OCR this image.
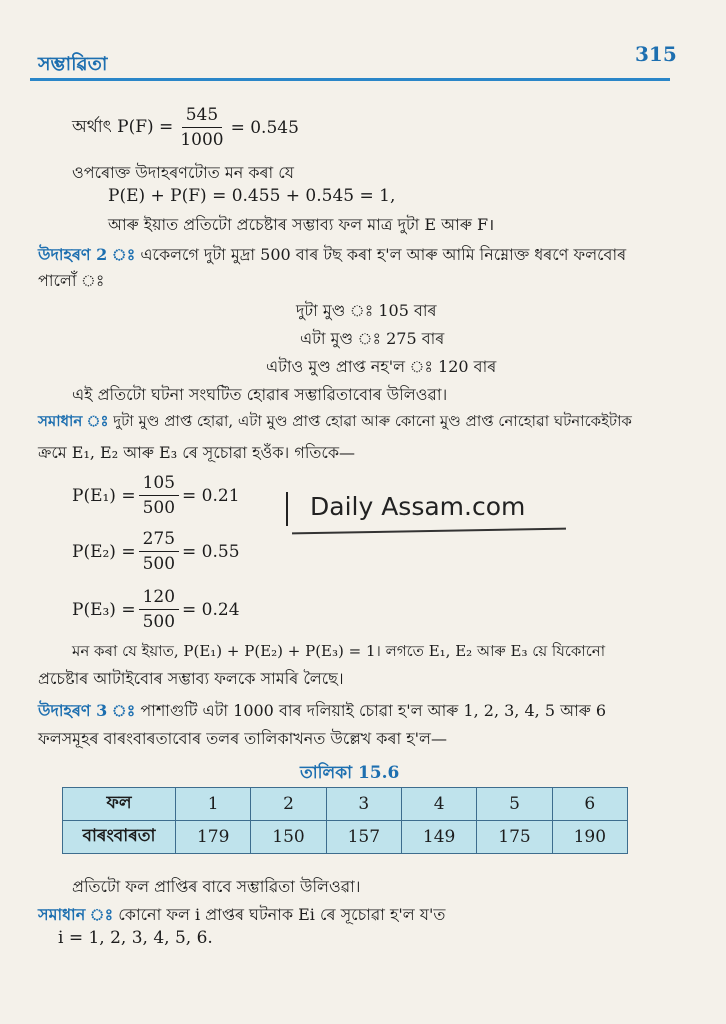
সম্ভাৱিতা	315
অৰ্থাৎ $P(F) = \frac{545}{1000} = 0.545$
ওপৰোক্ত উদাহৰণটোত মন কৰা যে
P(E) + P(F) = 0.455 + 0.545 = 1,
আৰু ইয়াত প্ৰতিটো প্ৰচেষ্টাৰ সম্ভাব্য ফল মাত্ৰ দুটা E আৰু F।
উদাহৰণ 2 ঃ একেলগে দুটা মুদ্ৰা 500 বাৰ টছ কৰা হ'ল আৰু আমি নিম্নোক্ত ধৰণে ফলবোৰ
পালোঁ ঃ
দুটা মুণ্ড ঃ 105 বাৰ
এটা মুণ্ড ঃ 275 বাৰ
এটাও মুণ্ড প্ৰাপ্ত নহ'ল ঃ 120 বাৰ
এই প্ৰতিটো ঘটনা সংঘটিত হোৱাৰ সম্ভাৱিতাবোৰ উলিওৱা।
সমাধান ঃ দুটা মুণ্ড প্ৰাপ্ত হোৱা, এটা মুণ্ড প্ৰাপ্ত হোৱা আৰু কোনো মুণ্ড প্ৰাপ্ত নোহোৱা ঘটনাকেইটাক
ক্ৰমে E₁, E₂ আৰু E₃ ৰে সূচোৱা হওঁক। গতিকে—
$P(E_1) = \frac{105}{500} = 0.21$
$P(E_2) = \frac{275}{500} = 0.55$
$P(E_3) = \frac{120}{500} = 0.24$
Daily Assam.com
মন কৰা যে ইয়াত, P(E₁) + P(E₂) + P(E₃) = 1। লগতে E₁, E₂ আৰু E₃ য়ে যিকোনো
প্ৰচেষ্টাৰ আটাইবোৰ সম্ভাব্য ফলকে সামৰি লৈছে।
উদাহৰণ 3 ঃ পাশাগুটি এটা 1000 বাৰ দলিয়াই চোৱা হ'ল আৰু 1, 2, 3, 4, 5 আৰু 6
ফলসমূহৰ বাৰংবাৰতাবোৰ তলৰ তালিকাখনত উল্লেখ কৰা হ'ল—
তালিকা 15.6
ফল	1	2	3	4	5	6
বাৰংবাৰতা	179	150	157	149	175	190
প্ৰতিটো ফল প্ৰাপ্তিৰ বাবে সম্ভাৱিতা উলিওৱা।
সমাধান ঃ কোনো ফল i প্ৰাপ্তৰ ঘটনাক Ei ৰে সূচোৱা হ'ল য'ত
i = 1, 2, 3, 4, 5, 6.
